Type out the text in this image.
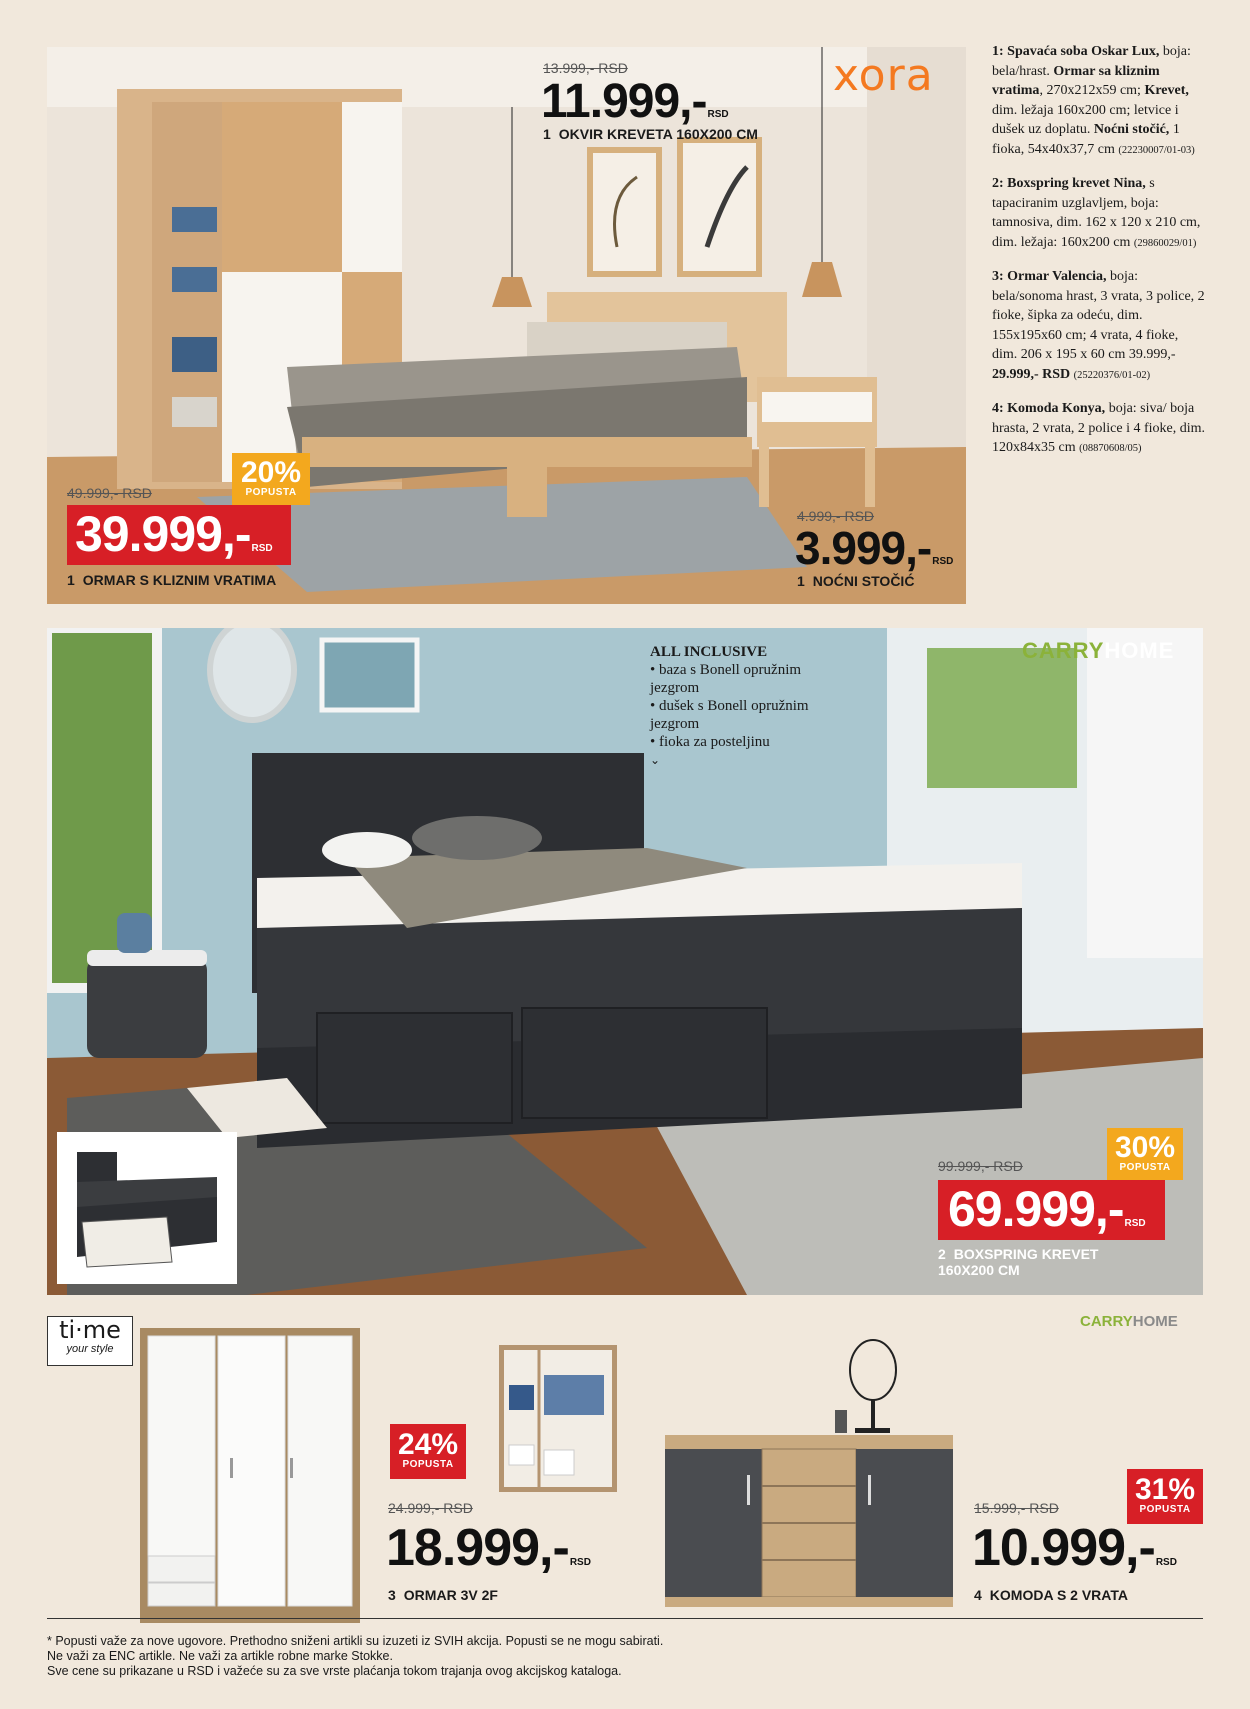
xora
13.999,- RSD
11.999,-RSD
1 OKVIR KREVETA 160X200 CM
20%
POPUSTA
49.999,- RSD
39.999,-RSD
1 ORMAR S KLIZNIM VRATIMA
4.999,- RSD
3.999,-RSD
1 NOĆNI STOČIĆ

1: Spavaća soba Oskar Lux, boja: bela/hrast. Ormar sa kliznim vratima, 270x212x59 cm; Krevet, dim. ležaja 160x200 cm; letvice i dušek uz doplatu. Noćni stočić, 1 fioka, 54x40x37,7 cm (22230007/01-03)

2: Boxspring krevet Nina, s tapaciranim uzglavljem, boja: tamnosiva, dim. 162 x 120 x 210 cm, dim. ležaja: 160x200 cm (29860029/01)

3: Ormar Valencia, boja: bela/sonoma hrast, 3 vrata, 3 police, 2 fioke, šipka za odeću, dim. 155x195x60 cm; 4 vrata, 4 fioke, dim. 206 x 195 x 60 cm 39.999,- 29.999,- RSD (25220376/01-02)

4: Komoda Konya, boja: siva/ boja hrasta, 2 vrata, 2 police i 4 fioke, dim. 120x84x35 cm (08870608/05)

CARRYHOME
ALL INCLUSIVE
• baza s Bonell opružnim jezgrom
• dušek s Bonell opružnim jezgrom
• fioka za posteljinu
⌄
30%
POPUSTA
99.999,- RSD
69.999,-RSD
2 BOXSPRING KREVET
160X200 CM
ti·me
your style
24%
POPUSTA
24.999,- RSD
18.999,-RSD
3 ORMAR 3V 2F
CARRYHOME
31%
POPUSTA
15.999,- RSD
10.999,-RSD
4 KOMODA S 2 VRATA
* Popusti važe za nove ugovore. Prethodno sniženi artikli su izuzeti iz SVIH akcija. Popusti se ne mogu sabirati.
Ne važi za ENC artikle. Ne važi za artikle robne marke Stokke.
Sve cene su prikazane u RSD i važeće su za sve vrste plaćanja tokom trajanja ovog akcijskog kataloga.
